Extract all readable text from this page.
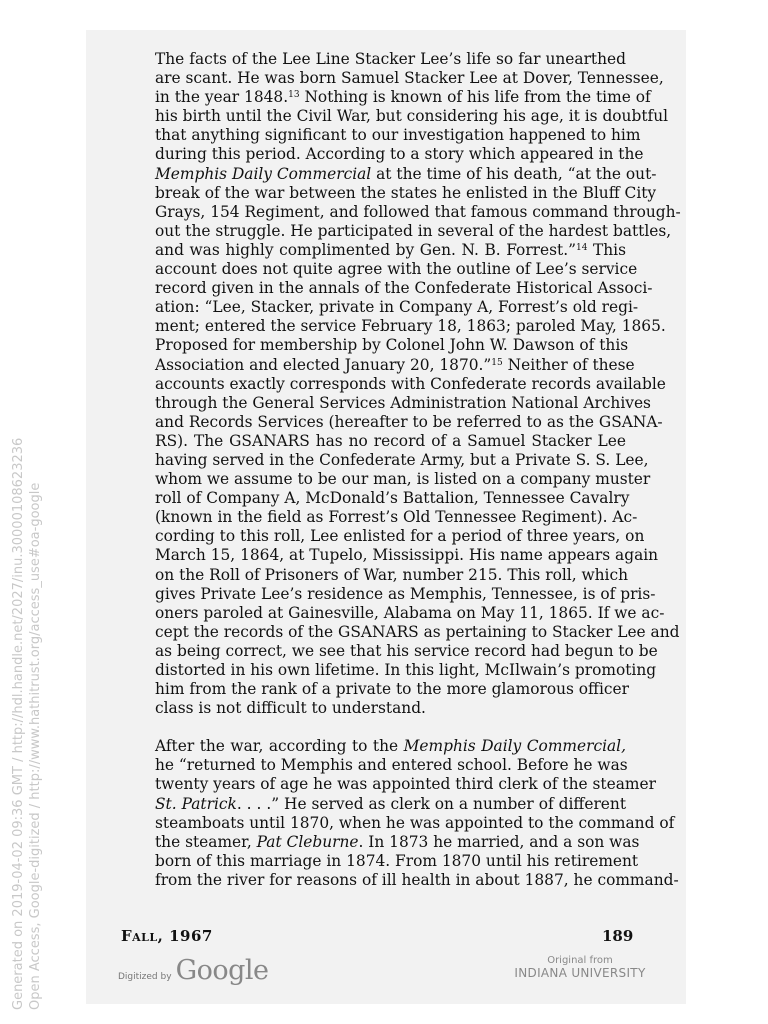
The facts of the Lee Line Stacker Lee’s life so far unearthed
are scant. He was born Samuel Stacker Lee at Dover, Tennessee,
in the year 1848.13 Nothing is known of his life from the time of
his birth until the Civil War, but considering his age, it is doubtful
that anything significant to our investigation happened to him
during this period. According to a story which appeared in the
Memphis Daily Commercial at the time of his death, “at the out-
break of the war between the states he enlisted in the Bluff City
Grays, 154 Regiment, and followed that famous command through-
out the struggle. He participated in several of the hardest battles,
and was highly complimented by Gen. N. B. Forrest.”$^{14}$ This
account does not quite agree with the outline of Lee’s service
record given in the annals of the Confederate Historical Associ-
ation: “Lee, Stacker, private in Company A, Forrest’s old regi-
ment; entered the service February 18, 1863; paroled May, 1865.
Proposed for membership by Colonel John W. Dawson of this
Association and elected January 20, 1870.”$^{15}$ Neither of these
accounts exactly corresponds with Confederate records available
through the General Services Administration National Archives
and Records Services (hereafter to be referred to as the GSANA-
RS). The GSANARS has no record of a Samuel Stacker Lee
having served in the Confederate Army, but a Private S. S. Lee,
whom we assume to be our man, is listed on a company muster
roll of Company A, McDonald’s Battalion, Tennessee Cavalry
(known in the field as Forrest’s Old Tennessee Regiment). Ac-
cording to this roll, Lee enlisted for a period of three years, on
March 15, 1864, at Tupelo, Mississippi. His name appears again
on the Roll of Prisoners of War, number 215. This roll, which
gives Private Lee’s residence as Memphis, Tennessee, is of pris-
oners paroled at Gainesville, Alabama on May 11, 1865. If we ac-
cept the records of the GSANARS as pertaining to Stacker Lee and
as being correct, we see that his service record had begun to be
distorted in his own lifetime. In this light, McIlwain’s promoting
him from the rank of a private to the more glamorous officer
class is not difficult to understand.

After the war, according to the Memphis Daily Commercial,
he “returned to Memphis and entered school. Before he was
twenty years of age he was appointed third clerk of the steamer
St. Patrick. . . .” He served as clerk on a number of different
steamboats until 1870, when he was appointed to the command of
the steamer, Pat Cleburne. In 1873 he married, and a son was
born of this marriage in 1874. From 1870 until his retirement
from the river for reasons of ill health in about 1887, he command-

Fall, 1967	189
Digitized by Google	Original from
INDIANA UNIVERSITY
Generated on 2019-04-02 09:36 GMT / http://hdl.handle.net/2027/inu.30000108623236 Open Access, Google-digitized / http://www.hathitrust.org/access_use#oa-google
